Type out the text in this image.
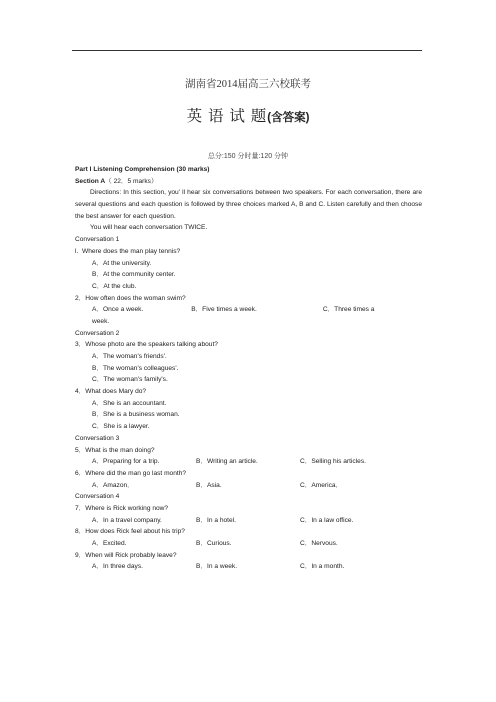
湖南省2014届高三六校联考
英 语 试 题(含答案)
总分:150 分时量:120 分钟
Part I Listening Comprehension (30 marks)
Section A（ 22．5 marks）
Directions: In this section, you' ll hear six conversations between two speakers. For each conversation, there are several questions and each question is followed by three choices marked A, B and C. Listen carefully and then choose the best answer for each question.
You will hear each conversation TWICE.
Conversation 1
l. Where does the man play tennis?
A．At the university.
B．At the community center.
C．At the club.
2．How often does the woman swim?
A．Once a week.	B．Five times a week.	C．Three times a
week.
Conversation 2
3．Whose photo are the speakers talking about?
A．The woman's friends'.
B．The woman's colleagues'.
C．The woman's family's.
4．What does Mary do?
A．She is an accountant.
B．She is a business woman.
C．She is a lawyer.
Conversation 3
5．What is the man doing?
A．Preparing for a trip.	B．Writing an article.	C．Selling his articles.
6．Where did the man go last month?
A．Amazon．	B．Asia.	C．America．
Conversation 4
7．Where is Rick working now?
A．In a travel company.	B．In a hotel.	C．In a law office.
8．How does Rick feel about his trip?
A．Excited.	B．Curious.	C．Nervous.
9．When will Rick probably leave?
A．In three days.	B．In a week.	C．In a month.
